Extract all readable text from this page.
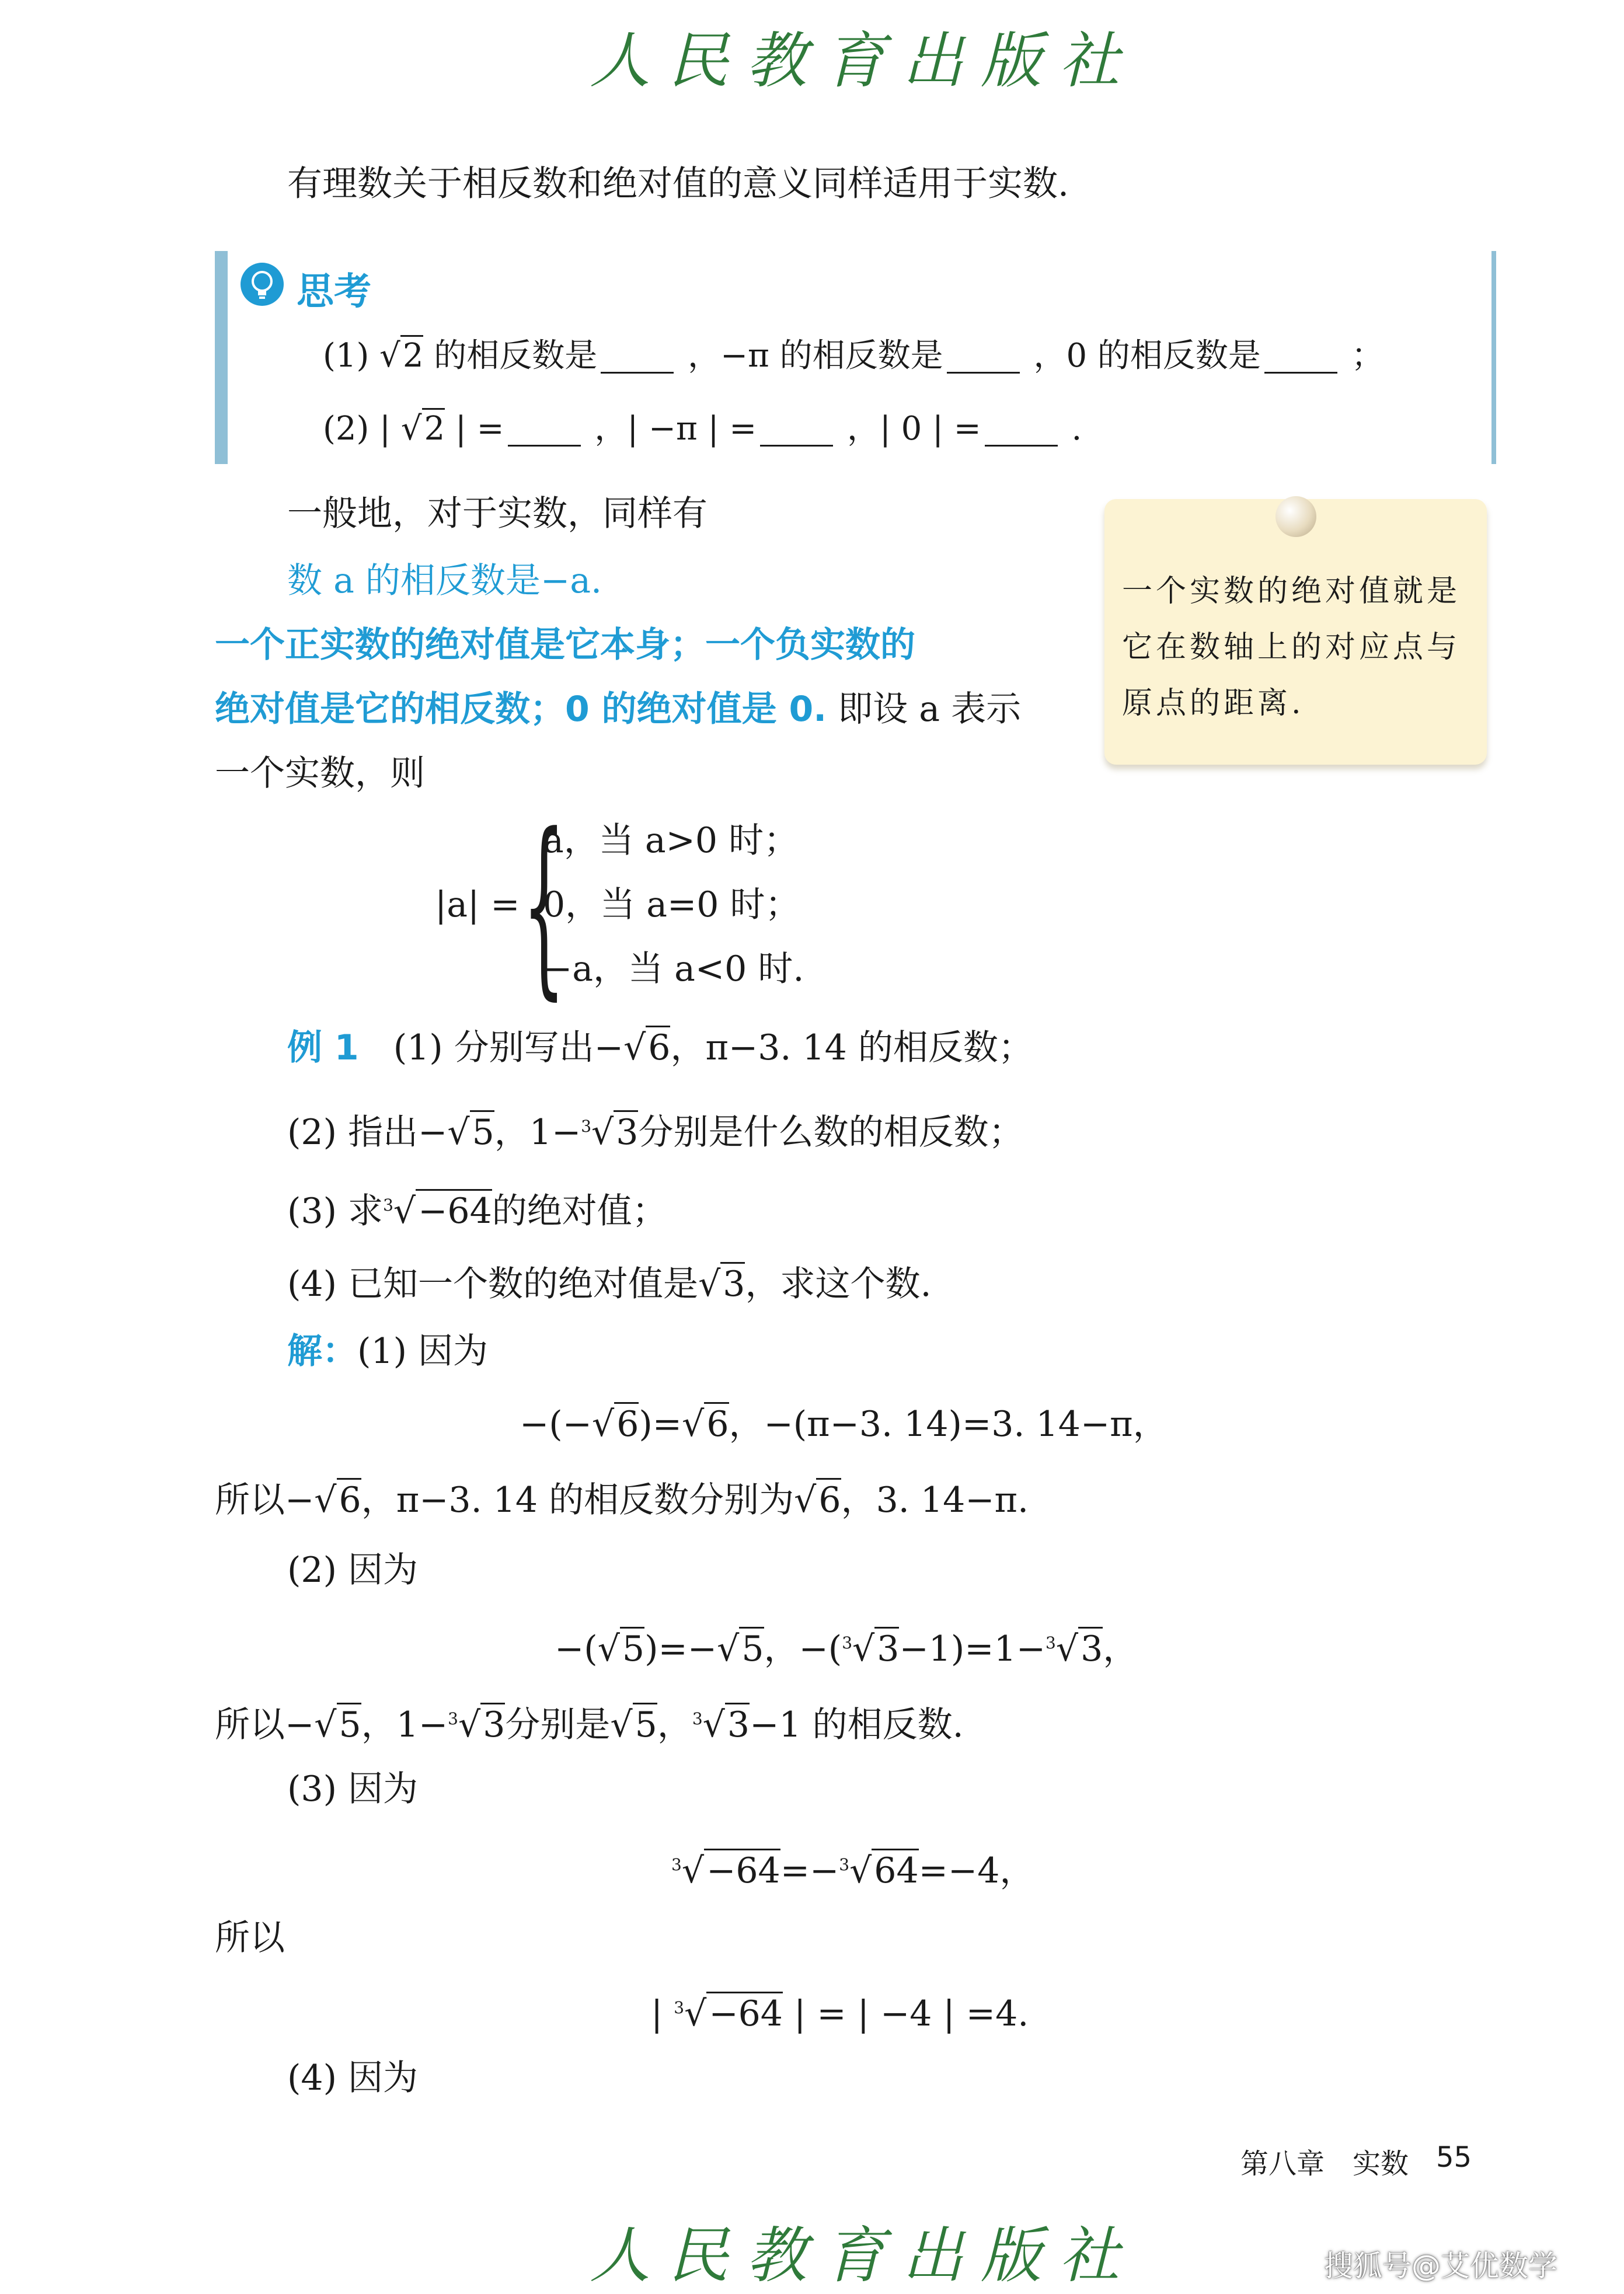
人民教育出版社
有理数关于相反数和绝对值的意义同样适用于实数.
思考
(1) √2 的相反数是	，−π 的相反数是	，0 的相反数是	；
(2) | √2 | =	，| −π | =	，| 0 | =	.
一般地，对于实数，同样有
数 a 的相反数是−a.
一个正实数的绝对值是它本身；一个负实数的
绝对值是它的相反数；0 的绝对值是 0. 即设 a 表示
一个实数，则
一个实数的绝对值就是它在数轴上的对应点与原点的距离.
|a| = {
a，当 a>0 时；
0，当 a=0 时；
−a，当 a<0 时.
例 1 (1) 分别写出−√6，π−3. 14 的相反数；
(2) 指出−√5，1−$^3$√3分别是什么数的相反数；
(3) 求$^3$√−64的绝对值；
(4) 已知一个数的绝对值是√3，求这个数.
解：(1) 因为
−(−√6)=√6，−(π−3. 14)=3. 14−π，
所以−√6，π−3. 14 的相反数分别为√6，3. 14−π.
(2) 因为
−(√5)=−√5，−($^3$√3−1)=1−$^3$√3，
所以−√5，1−$^3$√3分别是√5，$^3$√3−1 的相反数.
(3) 因为
$^3$√−64=−$^3$√64=−4，
所以
| $^3$√−64 | = | −4 | =4.
(4) 因为
第八章　实数 55
人民教育出版社	搜狐号@艾优数学
